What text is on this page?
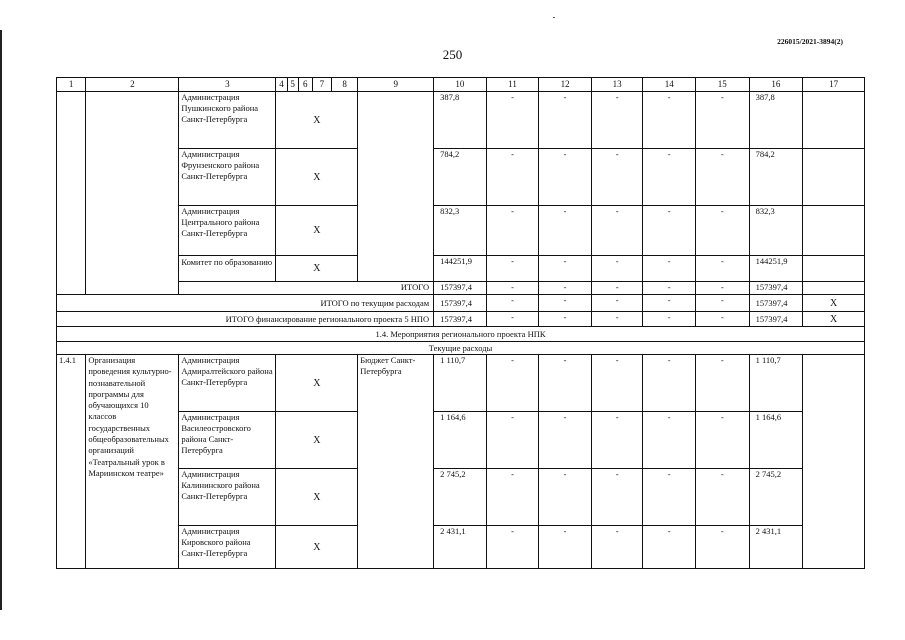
226015/2021-3894(2)
250
1	2	3	4	5	6	7	8	9	10	11	12	13	14	15	16	17
		Администрация Пушкинского района Санкт-Петербурга	Х						387,8	-	-	-	-	-	387,8	
		Администрация Фрунзенского района Санкт-Петербурга	Х						784,2	-	-	-	-	-	784,2	
		Администрация Центрального района Санкт-Петербурга	Х						832,3	-	-	-	-	-	832,3	
		Комитет по образованию	Х						144251,9	-	-	-	-	-	144251,9	
		ИТОГО							157397,4	-	-	-	-	-	157397,4	
ИТОГО по текущим расходам									157397,4	-	-	-	-	-	157397,4	Х
ИТОГО финансирование регионального проекта 5 НПО									157397,4	-	-	-	-	-	157397,4	Х
1.4. Мероприятия регионального проекта НПК																
Текущие расходы																
1.4.1	Организация проведения культурно-познавательной программы для обучающихся 10 классов государственных общеобразовательных организаций «Театральный урок в Мариинском театре»	Администрация Адмиралтейского района Санкт-Петербурга	Х					Бюджет Санкт-Петербурга	1 110,7	-	-	-	-	-	1 110,7	
		Администрация Василеостровского района Санкт-Петербурга	Х						1 164,6	-	-	-	-	-	1 164,6	
		Администрация Калининского района Санкт-Петербурга	Х						2 745,2	-	-	-	-	-	2 745,2	
		Администрация Кировского района Санкт-Петербурга	Х						2 431,1	-	-	-	-	-	2 431,1	
